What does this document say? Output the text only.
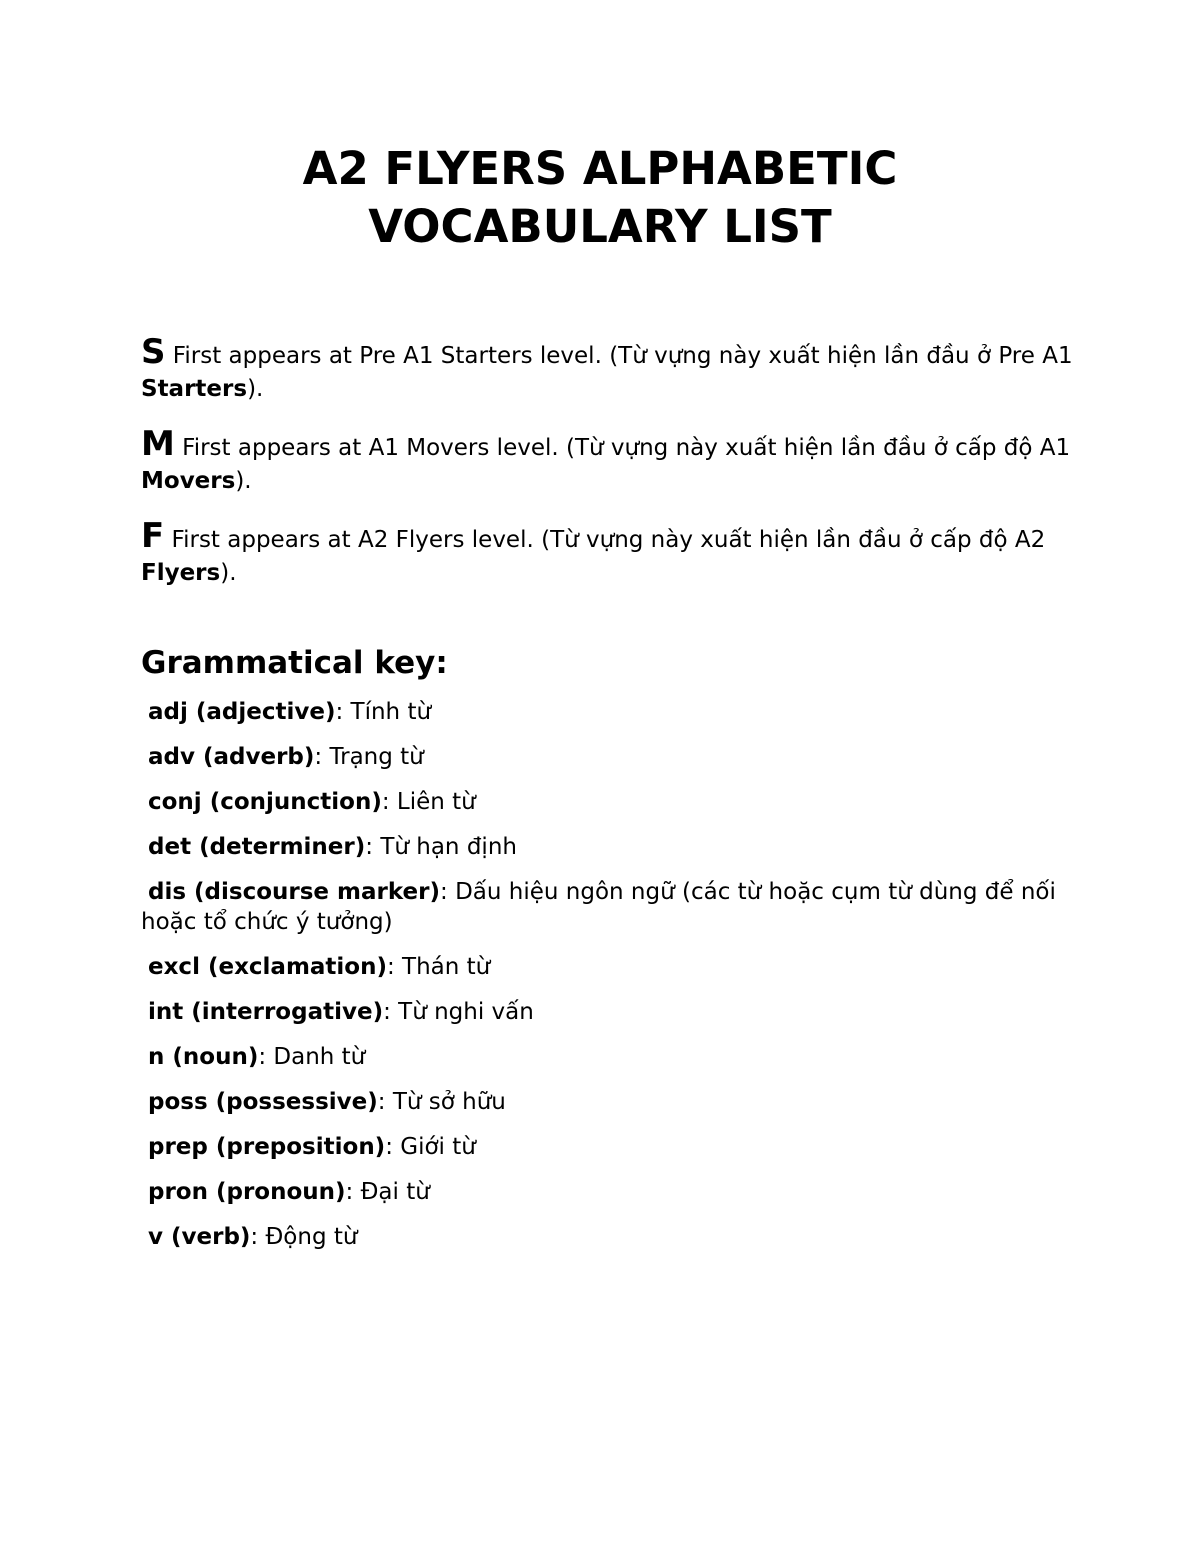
A2 FLYERS ALPHABETIC
VOCABULARY LIST

S First appears at Pre A1 Starters level. (Từ vựng này xuất hiện lần đầu ở Pre A1 Starters).

M First appears at A1 Movers level. (Từ vựng này xuất hiện lần đầu ở cấp độ A1 Movers).

F First appears at A2 Flyers level. (Từ vựng này xuất hiện lần đầu ở cấp độ A2 Flyers).

Grammatical key:
adj (adjective): Tính từ
adv (adverb): Trạng từ
conj (conjunction): Liên từ
det (determiner): Từ hạn định
dis (discourse marker): Dấu hiệu ngôn ngữ (các từ hoặc cụm từ dùng để nối hoặc tổ chức ý tưởng)
excl (exclamation): Thán từ
int (interrogative): Từ nghi vấn
n (noun): Danh từ
poss (possessive): Từ sở hữu
prep (preposition): Giới từ
pron (pronoun): Đại từ
v (verb): Động từ
